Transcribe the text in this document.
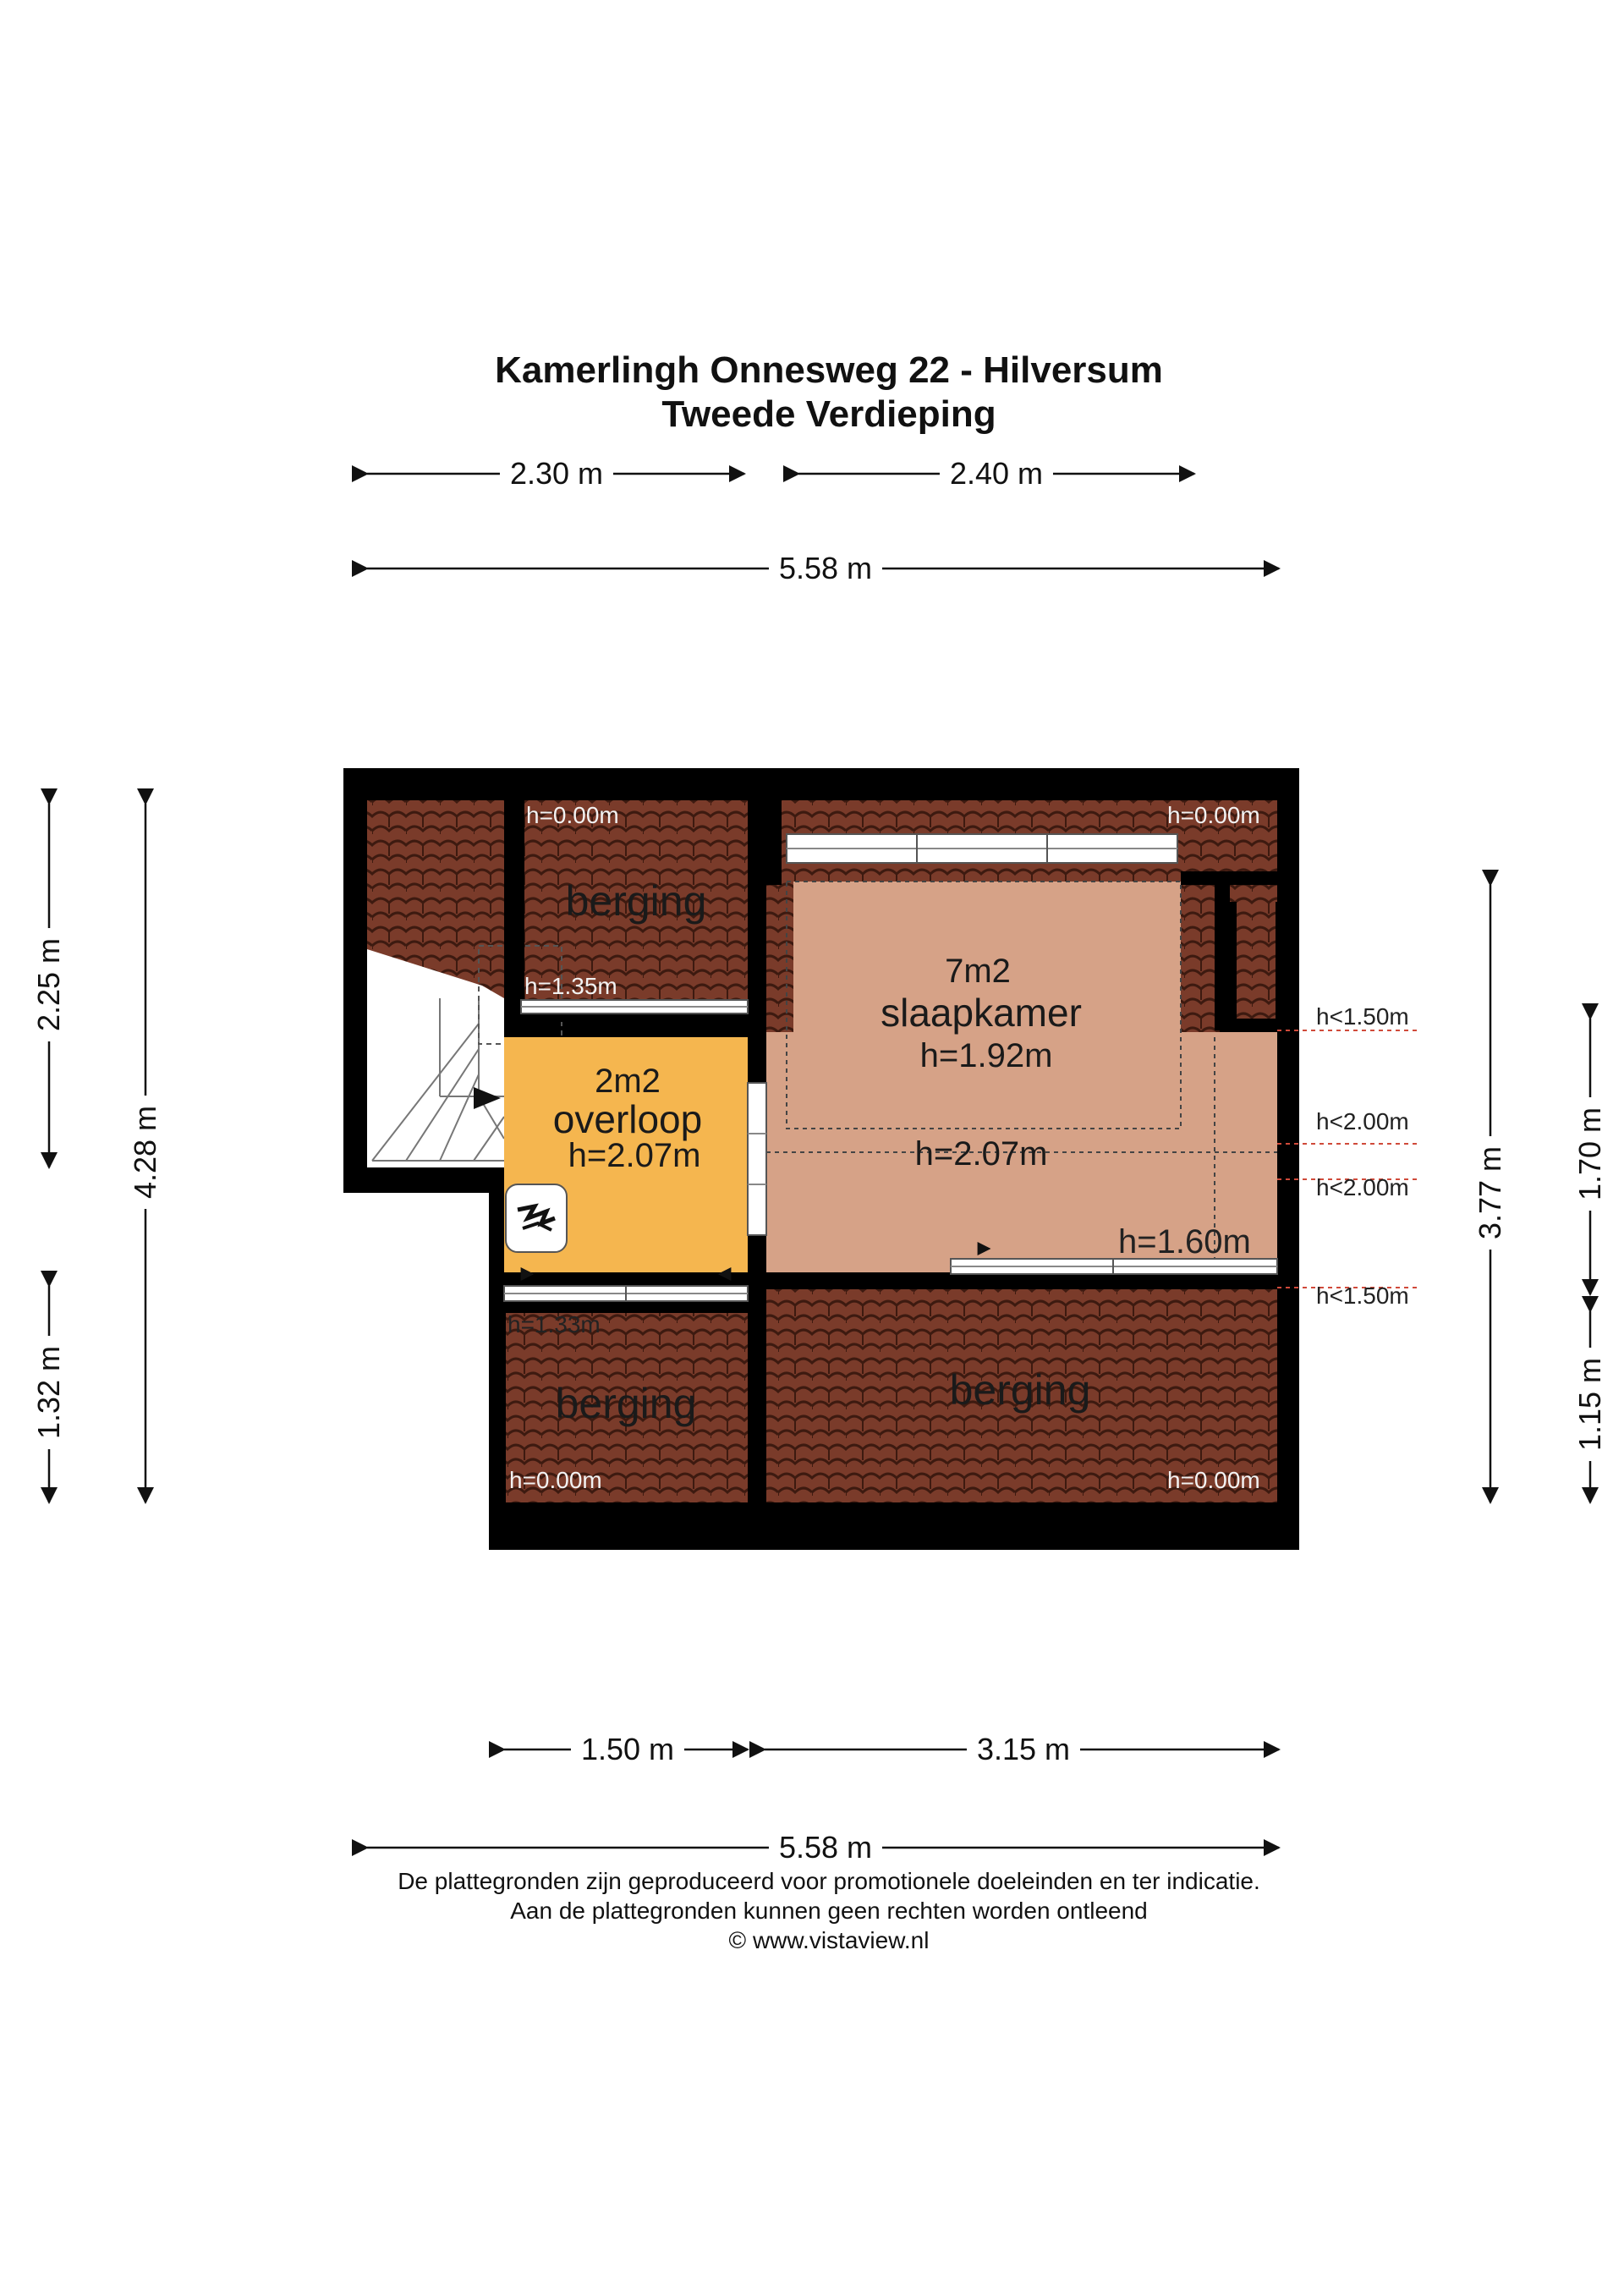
Kamerlingh Onnesweg 22 - Hilversum
Tweede Verdieping
2.30 m	2.40 m
5.58 m
1.50 m	3.15 m
5.58 m
2.25 m
4.28 m
1.32 m
3.77 m 1.70 m
1.15 m
berging
h=0.00m
h=1.35m
h=0.00m
7m2
slaapkamer
h=1.92m
h=2.07m
h=1.60m
2m2
overloop
h=2.07m
berging
h=1.33m
h=0.00m
berging
h=0.00m
h<1.50m
h<2.00m
h<2.00m
h<1.50m
De plattegronden zijn geproduceerd voor promotionele doeleinden en ter indicatie.
Aan de plattegronden kunnen geen rechten worden ontleend
© www.vistaview.nl
